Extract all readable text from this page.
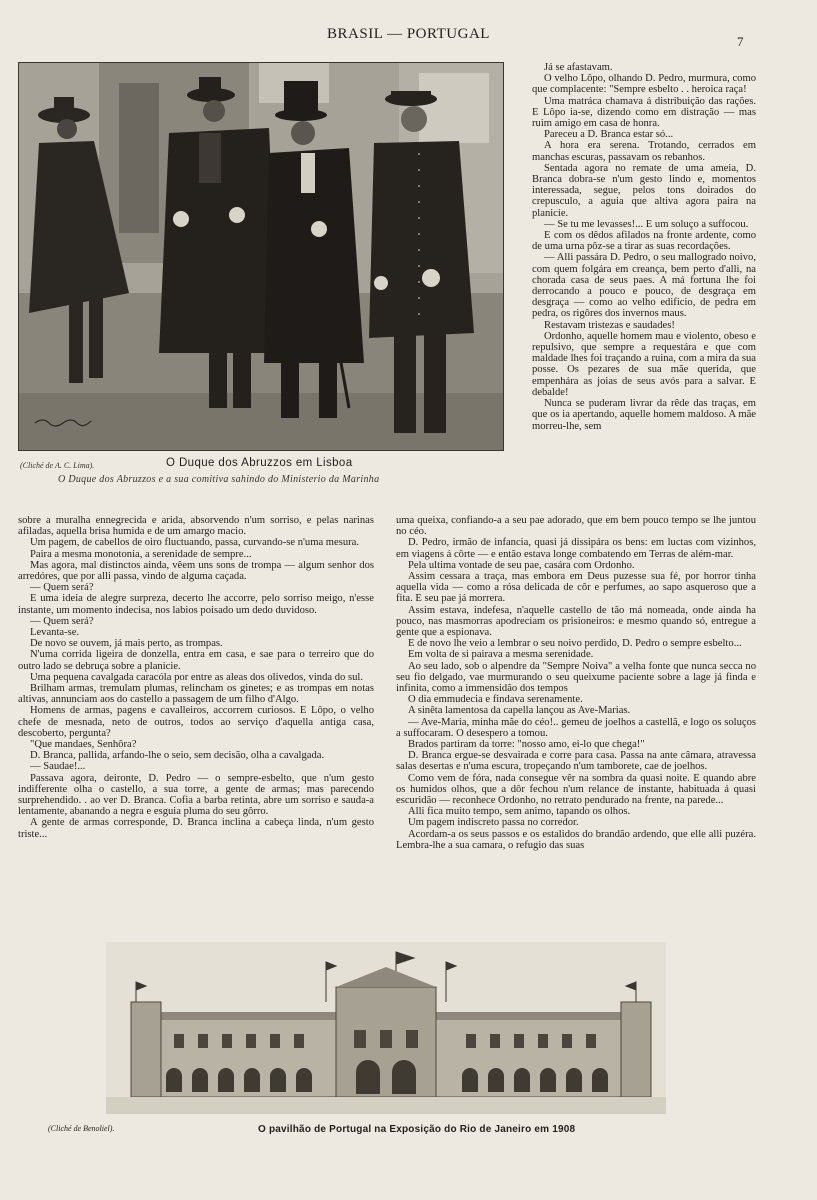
BRASIL — PORTUGAL	7
(Cliché de A. C. Lima).	O Duque dos Abruzzos em Lisboa
O Duque dos Abruzzos e a sua comitiva sahindo do Ministerio da Marinha

sobre a muralha ennegrecida e arida, absorvendo n'um sorriso, e pelas narinas afiladas, aquella brisa humida e de um amargo macio.

Um pagem, de cabellos de oiro fluctuando, passa, curvando-se n'uma mesura.

Paira a mesma monotonia, a serenidade de sempre...

Mas agora, mal distinctos ainda, vêem uns sons de trompa — algum senhor dos arredóres, que por alli passa, vindo de alguma caçada.

— Quem será?

E uma ideia de alegre surpreza, decerto lhe accorre, pelo sorriso meigo, n'esse instante, um momento indecisa, nos labios poisado um dedo duvidoso.

— Quem será?

Levanta-se.

De novo se ouvem, já mais perto, as trompas.

N'uma corrida ligeira de donzella, entra em casa, e sae para o terreiro que do outro lado se debruça sobre a planicie.

Uma pequena cavalgada caracóla por entre as aleas dos olivedos, vinda do sul.

Brilham armas, tremulam plumas, relincham os ginetes; e as trompas em notas altivas, annunciam aos do castello a passagem de um filho d'Algo.

Homens de armas, pagens e cavalleiros, accorrem curiosos. E Lôpo, o velho chefe de mesnada, neto de outros, todos ao serviço d'aquella antiga casa, descoberto, pergunta?

"Que mandaes, Senhôra?

D. Branca, pallida, arfando-lhe o seio, sem decisão, olha a cavalgada.

— Saudae!...

Passava agora, deironte, D. Pedro — o sempre-esbelto, que n'um gesto indifferente olha o castello, a sua torre, a gente de armas; mas parecendo surprehendido. . ao ver D. Branca. Cofia a barba retinta, abre um sorriso e sauda-a lentamente, abanando a negra e esguia pluma do seu gôrro.

A gente de armas corresponde, D. Branca inclina a cabeça linda, n'um gesto triste...

Já se afastavam.

O velho Lôpo, olhando D. Pedro, murmura, como que complacente: "Sempre esbelto . . heroica raça!

Uma matráca chamava á distribuição das rações. E Lôpo ia-se, dizendo como em distração — mas ruim amigo em casa de honra.

Pareceu a D. Branca estar só...

A hora era serena. Trotando, cerrados em manchas escuras, passavam os rebanhos.

Sentada agora no remate de uma ameia, D. Branca dobra-se n'um gesto lindo e, momentos interessada, segue, pelos tons doirados do crepusculo, a aguia que altiva agora paira na planicie.

— Se tu me levasses!... E um soluço a suffocou.

E com os dêdos afilados na fronte ardente, como de uma urna pôz-se a tirar as suas recordações.

— Alli passára D. Pedro, o seu mallogrado noivo, com quem folgára em creança, bem perto d'alli, na chorada casa de seus paes. A má fortuna lhe foi derrocando a pouco e pouco, de desgraça em desgraça — como ao velho edificio, de pedra em pedra, os rigôres dos invernos maus.

Restavam tristezas e saudades!

Ordonho, aquelle homem mau e violento, obeso e repulsivo, que sempre a requestára e que com maldade lhes foi traçando a ruina, com a mira da sua posse. Os pezares de sua mãe querida, que empenhára as joias de seus avós para a salvar. E debalde!

Nunca se puderam livrar da rêde das traças, em que os ia apertando, aquelle homem maldoso. A mãe morreu-lhe, sem

uma queixa, confiando-a a seu pae adorado, que em bem pouco tempo se lhe juntou no céo.

D. Pedro, irmão de infancia, quasi já dissipára os bens: em luctas com vizinhos, em viagens á côrte — e então estava longe combatendo em Terras de além-mar.

Pela ultima vontade de seu pae, casára com Ordonho.

Assim cessara a traça, mas embora em Deus puzesse sua fé, por horror tinha aquella vida — como a rósa delicada de côr e perfumes, ao sapo asqueroso que a fita. E seu pae já morrera.

Assim estava, indefesa, n'aquelle castello de tão má nomeada, onde ainda ha pouco, nas masmorras apodreciam os prisioneiros: e mesmo quando só, entregue a gente que a espionava.

E de novo lhe veio a lembrar o seu noivo perdido, D. Pedro o sempre esbelto...

Em volta de si pairava a mesma serenidade.

Ao seu lado, sob o alpendre da "Sempre Noiva" a velha fonte que nunca secca no seu fio delgado, vae murmurando o seu queixume paciente sobre a lage já finda e infinita, como a immensidão dos tempos

O dia emmudecia e findava serenamente.

A sinêta lamentosa da capella lançou as Ave-Marias.

— Ave-Maria, minha mãe do céo!.. gemeu de joelhos a castellã, e logo os soluços a suffocaram. O desespero a tomou.

Brados partiram da torre: "nosso amo, ei-lo que chega!"

D. Branca ergue-se desvairada e corre para casa. Passa na ante câmara, atravessa salas desertas e n'uma escura, tropeçando n'um tamborete, cae de joelhos.

Como vem de fóra, nada consegue vêr na sombra da quasi noite. E quando abre os humidos olhos, que a dôr fechou n'um relance de instante, habituada á quasi escuridão — reconhece Ordonho, no retrato pendurado na frente, na parede...

Alli fica muito tempo, sem animo, tapando os olhos.

Um pagem indiscreto passa no corredor.

Acordam-a os seus passos e os estalidos do brandão ardendo, que elle alli puzéra. Lembra-lhe a sua camara, o refugio das suas

(Cliché de Benoliel).	O pavilhão de Portugal na Exposição do Rio de Janeiro em 1908
